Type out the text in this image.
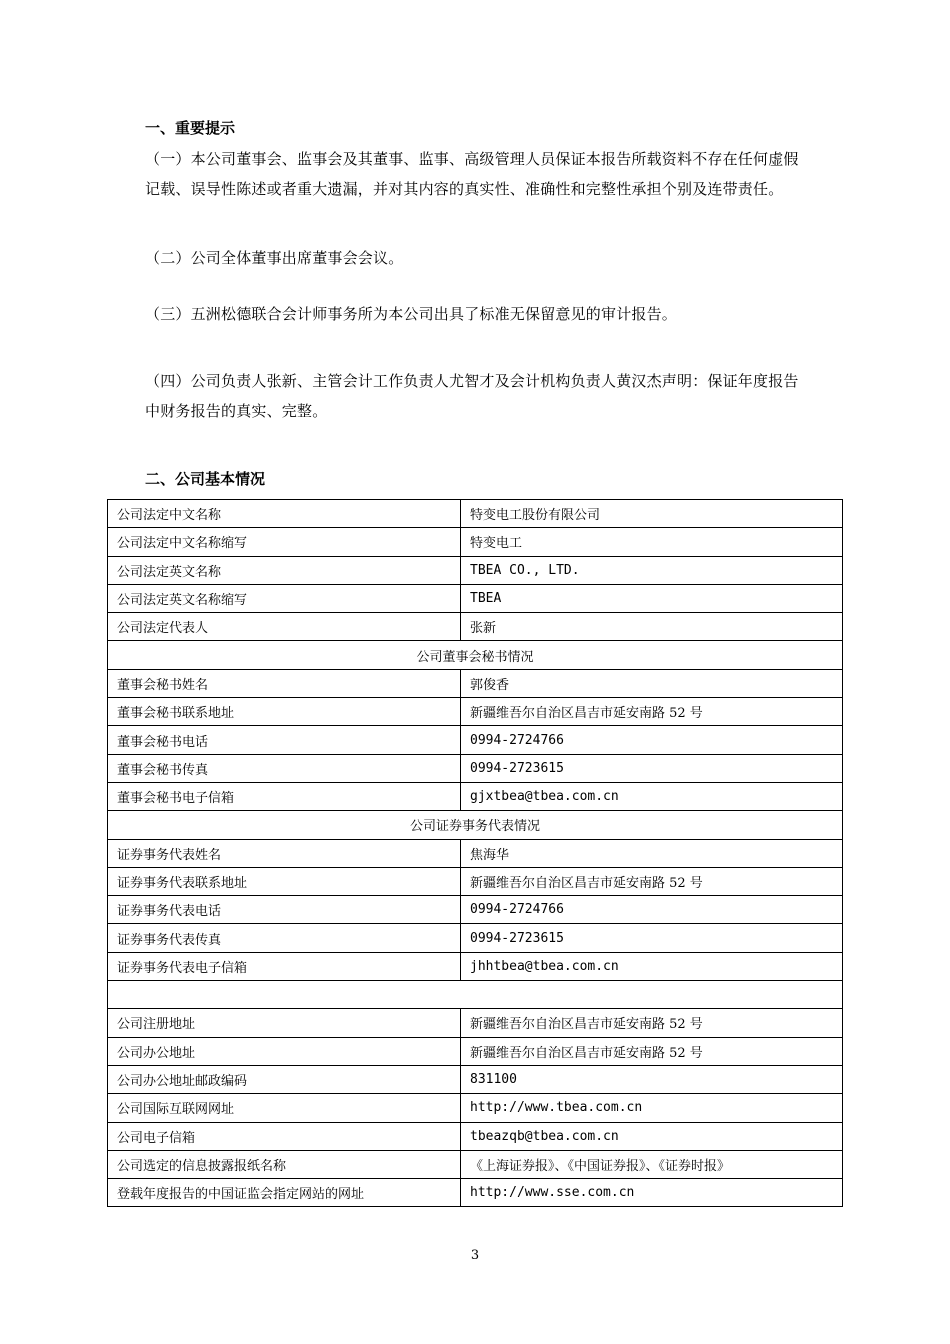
一、重要提示
（一）本公司董事会、监事会及其董事、监事、高级管理人员保证本报告所载资料不存在任何虚假记载、误导性陈述或者重大遗漏，并对其内容的真实性、准确性和完整性承担个别及连带责任。
（二）公司全体董事出席董事会会议。
（三）五洲松德联合会计师事务所为本公司出具了标准无保留意见的审计报告。
（四）公司负责人张新、主管会计工作负责人尤智才及会计机构负责人黄汉杰声明：保证年度报告中财务报告的真实、完整。
二、公司基本情况
公司法定中文名称	特变电工股份有限公司
公司法定中文名称缩写	特变电工
公司法定英文名称	TBEA CO., LTD.
公司法定英文名称缩写	TBEA
公司法定代表人	张新
公司董事会秘书情况	
董事会秘书姓名	郭俊香
董事会秘书联系地址	新疆维吾尔自治区昌吉市延安南路 52 号
董事会秘书电话	0994-2724766
董事会秘书传真	0994-2723615
董事会秘书电子信箱	gjxtbea@tbea.com.cn
公司证券事务代表情况	
证券事务代表姓名	焦海华
证券事务代表联系地址	新疆维吾尔自治区昌吉市延安南路 52 号
证券事务代表电话	0994-2724766
证券事务代表传真	0994-2723615
证券事务代表电子信箱	jhhtbea@tbea.com.cn

公司注册地址	新疆维吾尔自治区昌吉市延安南路 52 号
公司办公地址	新疆维吾尔自治区昌吉市延安南路 52 号
公司办公地址邮政编码	831100
公司国际互联网网址	http://www.tbea.com.cn
公司电子信箱	tbeazqb@tbea.com.cn
公司选定的信息披露报纸名称	《上海证券报》、《中国证券报》、《证券时报》
登载年度报告的中国证监会指定网站的网址	http://www.sse.com.cn
3
